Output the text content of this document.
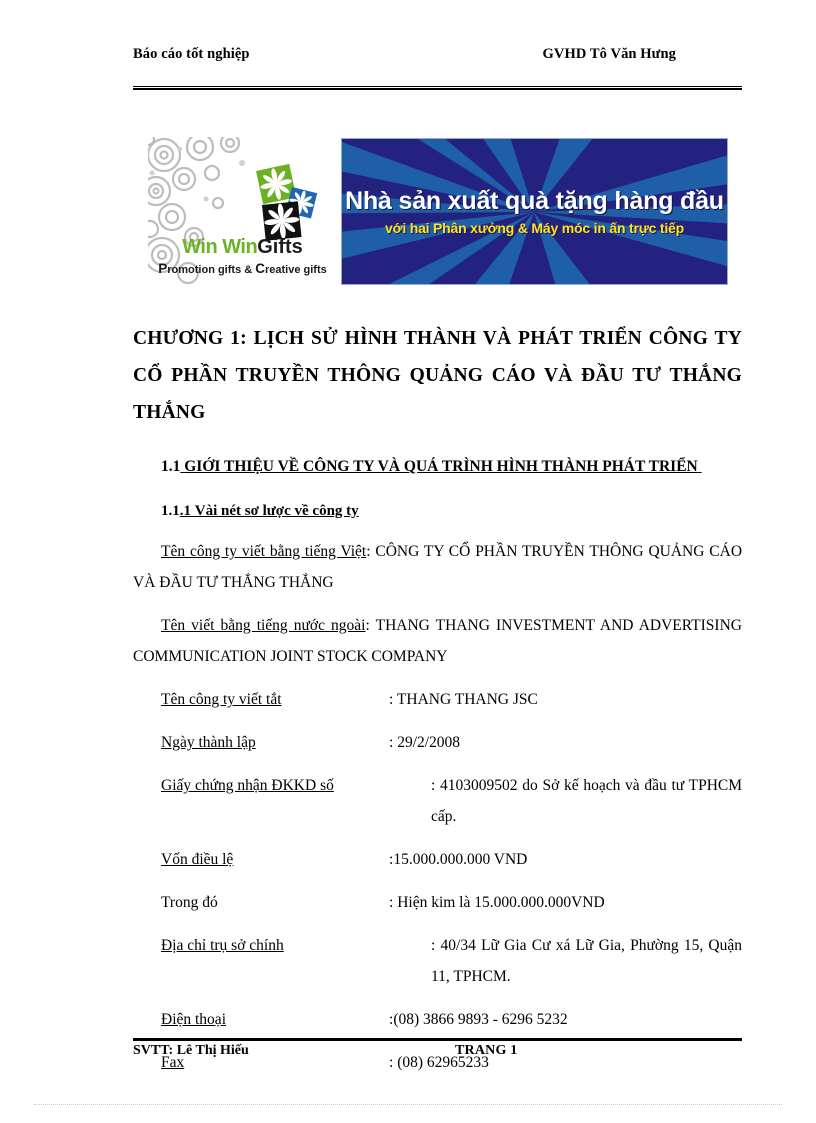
Báo cáo tốt nghiệp	GVHD Tô Văn Hưng
Win WinGifts
Promotion gifts & Creative gifts
Nhà sản xuất quà tặng hàng đầu
với hai Phân xưởng & Máy móc in ấn trực tiếp
CHƯƠNG 1: LỊCH SỬ HÌNH THÀNH VÀ PHÁT TRIỂN CÔNG TY CỔ PHẦN TRUYỀN THÔNG QUẢNG CÁO VÀ ĐẦU TƯ THẮNG THẮNG
1.1 GIỚI THIỆU VỀ CÔNG TY VÀ QUÁ TRÌNH HÌNH THÀNH PHÁT TRIỂN
1.1.1 Vài nét sơ lược về công ty

Tên công ty viết bằng tiếng Việt: CÔNG TY CỔ PHẦN TRUYỀN THÔNG QUẢNG CÁO VÀ ĐẦU TƯ THẮNG THẮNG

Tên viết bằng tiếng nước ngoài: THANG THANG INVESTMENT AND ADVERTISING COMMUNICATION JOINT STOCK COMPANY

Tên công ty viết tắt	: THANG THANG JSC
Ngày thành lập	: 29/2/2008
Giấy chứng nhận ĐKKD số	: 4103009502 do Sở kế hoạch và đầu tư TPHCM cấp.
Vốn điều lệ	:15.000.000.000 VND
Trong đó	: Hiện kim là 15.000.000.000VND
Địa chỉ trụ sở chính	: 40/34 Lữ Gia Cư xá Lữ Gia, Phường 15, Quận 11, TPHCM.
Điện thoại	:(08) 3866 9893 - 6296 5232
Fax	: (08) 62965233
SVTT: Lê Thị Hiếu	TRANG 1
